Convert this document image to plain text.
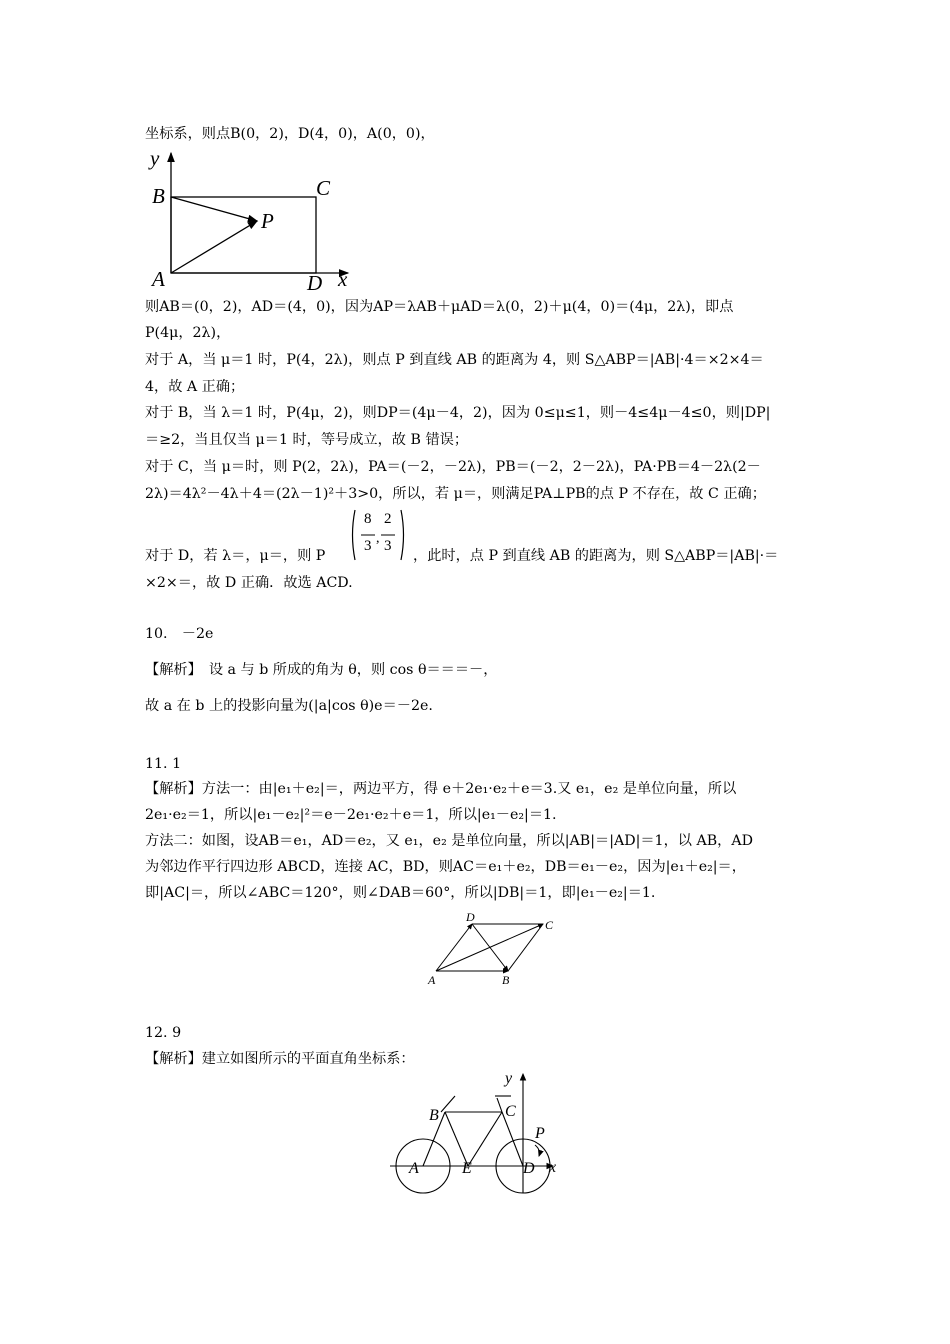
坐标系，则点B(0，2)，D(4，0)，A(0，0)，
y
x
B	C
P
A	D
则AB＝(0，2)，AD＝(4，0)，因为AP＝λAB＋μAD＝λ(0，2)＋μ(4，0)＝(4μ，2λ)，即点
P(4μ，2λ)，
对于 A，当 μ＝1 时，P(4，2λ)，则点 P 到直线 AB 的距离为 4，则 S△ABP＝|AB|·4＝×2×4＝
4，故 A 正确；
对于 B，当 λ＝1 时，P(4μ，2)，则DP＝(4μ－4，2)，因为 0≤μ≤1，则－4≤4μ－4≤0，则|DP|
＝≥2，当且仅当 μ＝1 时，等号成立，故 B 错误；
对于 C，当 μ＝时，则 P(2，2λ)，PA＝(－2，－2λ)，PB＝(－2，2－2λ)，PA·PB＝4－2λ(2－
2λ)＝4λ²－4λ＋4＝(2λ－1)²＋3>0，所以，若 μ＝，则满足PA⊥PB的点 P 不存在，故 C 正确；
对于 D，若 λ＝，μ＝，则 P
,
8
3
2
3
，此时，点 P 到直线 AB 的距离为，则 S△ABP＝|AB|·＝
×2×＝，故 D 正确．故选 ACD.
10.　－2e
【解析】　设 a 与 b 所成的角为 θ，则 cos θ＝＝＝－，
故 a 在 b 上的投影向量为(|a|cos θ)e＝－2e.
11. 1
【解析】方法一：由|e₁＋e₂|＝，两边平方，得 e＋2e₁·e₂＋e＝3.又 e₁，e₂ 是单位向量，所以
2e₁·e₂＝1，所以|e₁－e₂|²＝e－2e₁·e₂＋e＝1，所以|e₁－e₂|＝1.
方法二：如图，设AB＝e₁，AD＝e₂，又 e₁，e₂ 是单位向量，所以|AB|＝|AD|＝1，以 AB，AD
为邻边作平行四边形 ABCD，连接 AC，BD，则AC＝e₁＋e₂，DB＝e₁－e₂，因为|e₁＋e₂|＝，
即|AC|＝，所以∠ABC＝120°，则∠DAB＝60°，所以|DB|＝1，即|e₁－e₂|＝1.
D
C
A	B
12. 9
【解析】建立如图所示的平面直角坐标系：
y
x
B	C
P
A	E	D
